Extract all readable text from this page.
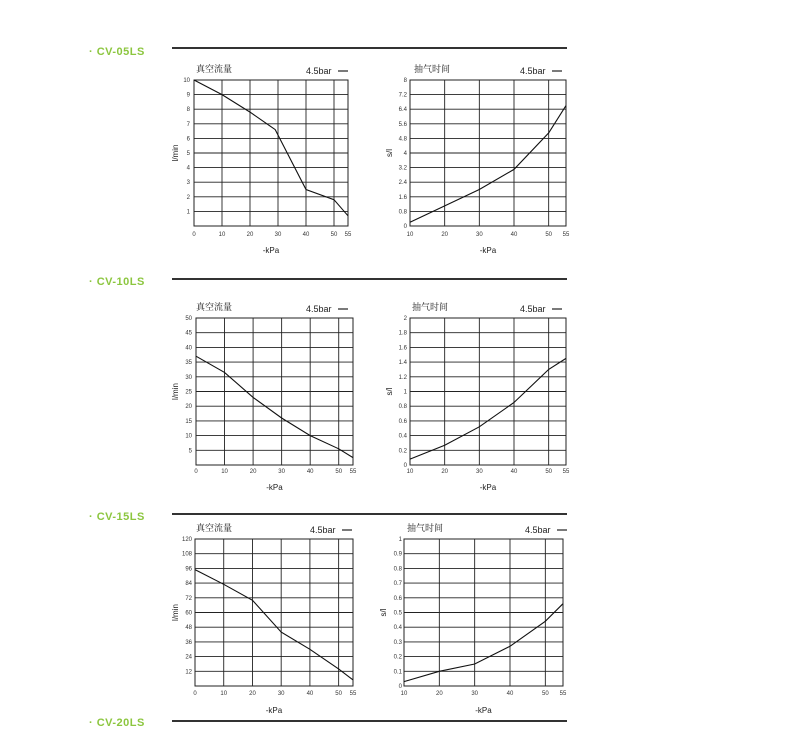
· CV-05LS
· CV-10LS
· CV-15LS
· CV-20LS
真空流量	4.5bar
1
2
3
4
5
6
7
8
9
10
0	10	20	30	40	50 55
-kPa
l/min
抽气时间	4.5bar
0
0.8
1.6
2.4
3.2
4
4.8
5.6
6.4
7.2
8
10	20	30	40	50 55
-kPa
s/l
真空流量	4.5bar
5
10
15
20
25
30
35
40
45
50
0	10	20	30	40	50 55
-kPa
l/min
抽气时间	4.5bar
0
0.2
0.4
0.6
0.8
1
1.2
1.4
1.6
1.8
2
10	20	30	40	50 55
-kPa
s/l
真空流量	4.5bar
12
24
36
48
60
72
84
96
108
120
0	10	20	30	40	50 55
-kPa
l/min
抽气时间	4.5bar
0
0.1
0.2
0.3
0.4
0.5
0.6
0.7
0.8
0.9
1
10	20	30	40	50 55
-kPa
s/l
